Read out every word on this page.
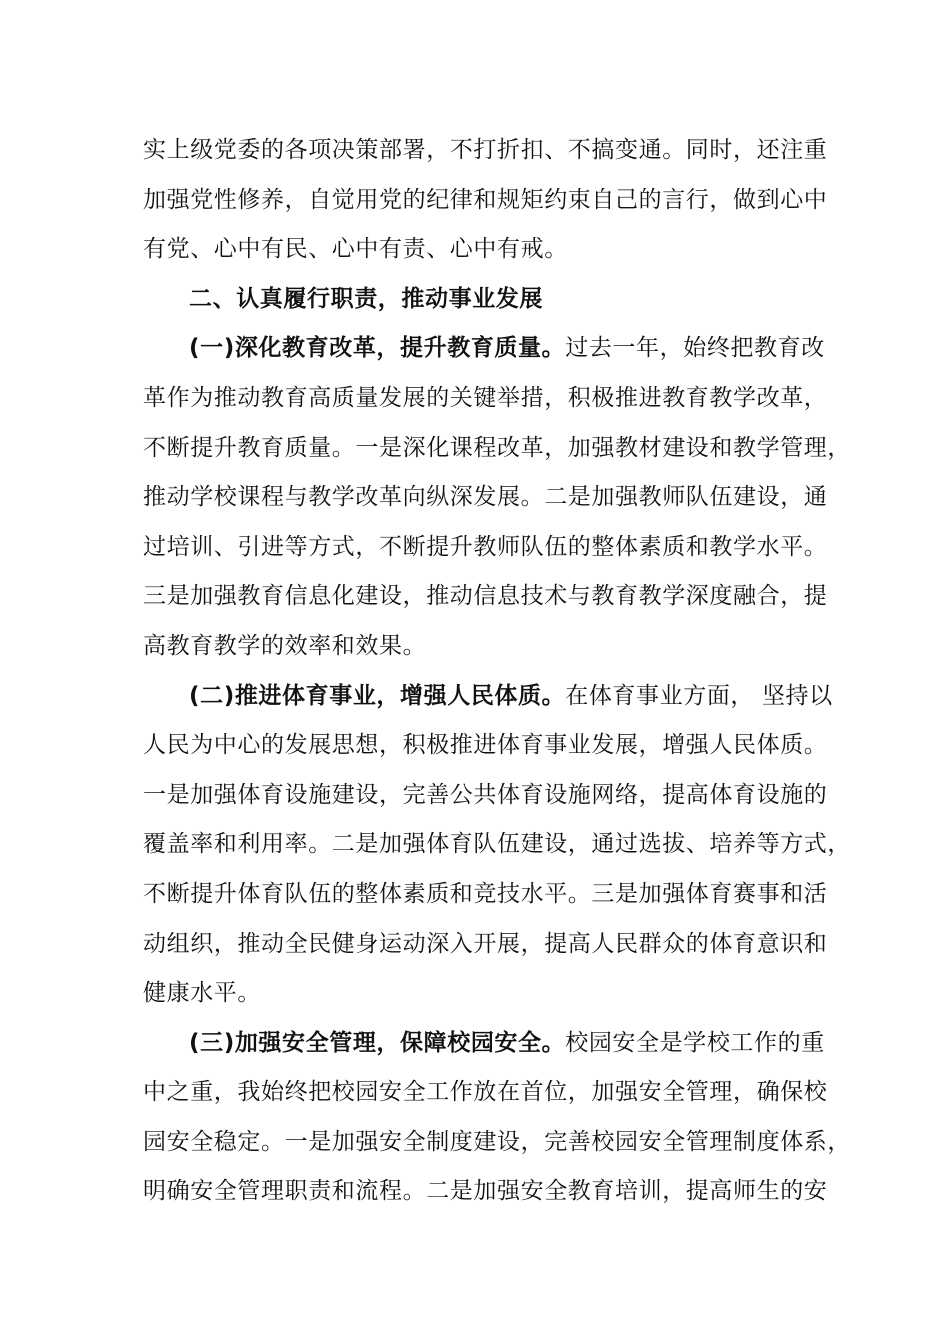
实上级党委的各项决策部署，不打折扣、不搞变通。同时，还注重
加强党性修养，自觉用党的纪律和规矩约束自己的言行，做到心中
有党、心中有民、心中有责、心中有戒。
二、认真履行职责，推动事业发展
(一)深化教育改革，提升教育质量。过去一年，始终把教育改
革作为推动教育高质量发展的关键举措，积极推进教育教学改革，
不断提升教育质量。一是深化课程改革，加强教材建设和教学管理，
推动学校课程与教学改革向纵深发展。二是加强教师队伍建设，通
过培训、引进等方式，不断提升教师队伍的整体素质和教学水平。
三是加强教育信息化建设，推动信息技术与教育教学深度融合，提
高教育教学的效率和效果。
(二)推进体育事业，增强人民体质。在体育事业方面， 坚持以
人民为中心的发展思想，积极推进体育事业发展，增强人民体质。
一是加强体育设施建设，完善公共体育设施网络，提高体育设施的
覆盖率和利用率。二是加强体育队伍建设，通过选拔、培养等方式，
不断提升体育队伍的整体素质和竞技水平。三是加强体育赛事和活
动组织，推动全民健身运动深入开展，提高人民群众的体育意识和
健康水平。
(三)加强安全管理，保障校园安全。校园安全是学校工作的重
中之重，我始终把校园安全工作放在首位，加强安全管理，确保校
园安全稳定。一是加强安全制度建设，完善校园安全管理制度体系，
明确安全管理职责和流程。二是加强安全教育培训，提高师生的安
